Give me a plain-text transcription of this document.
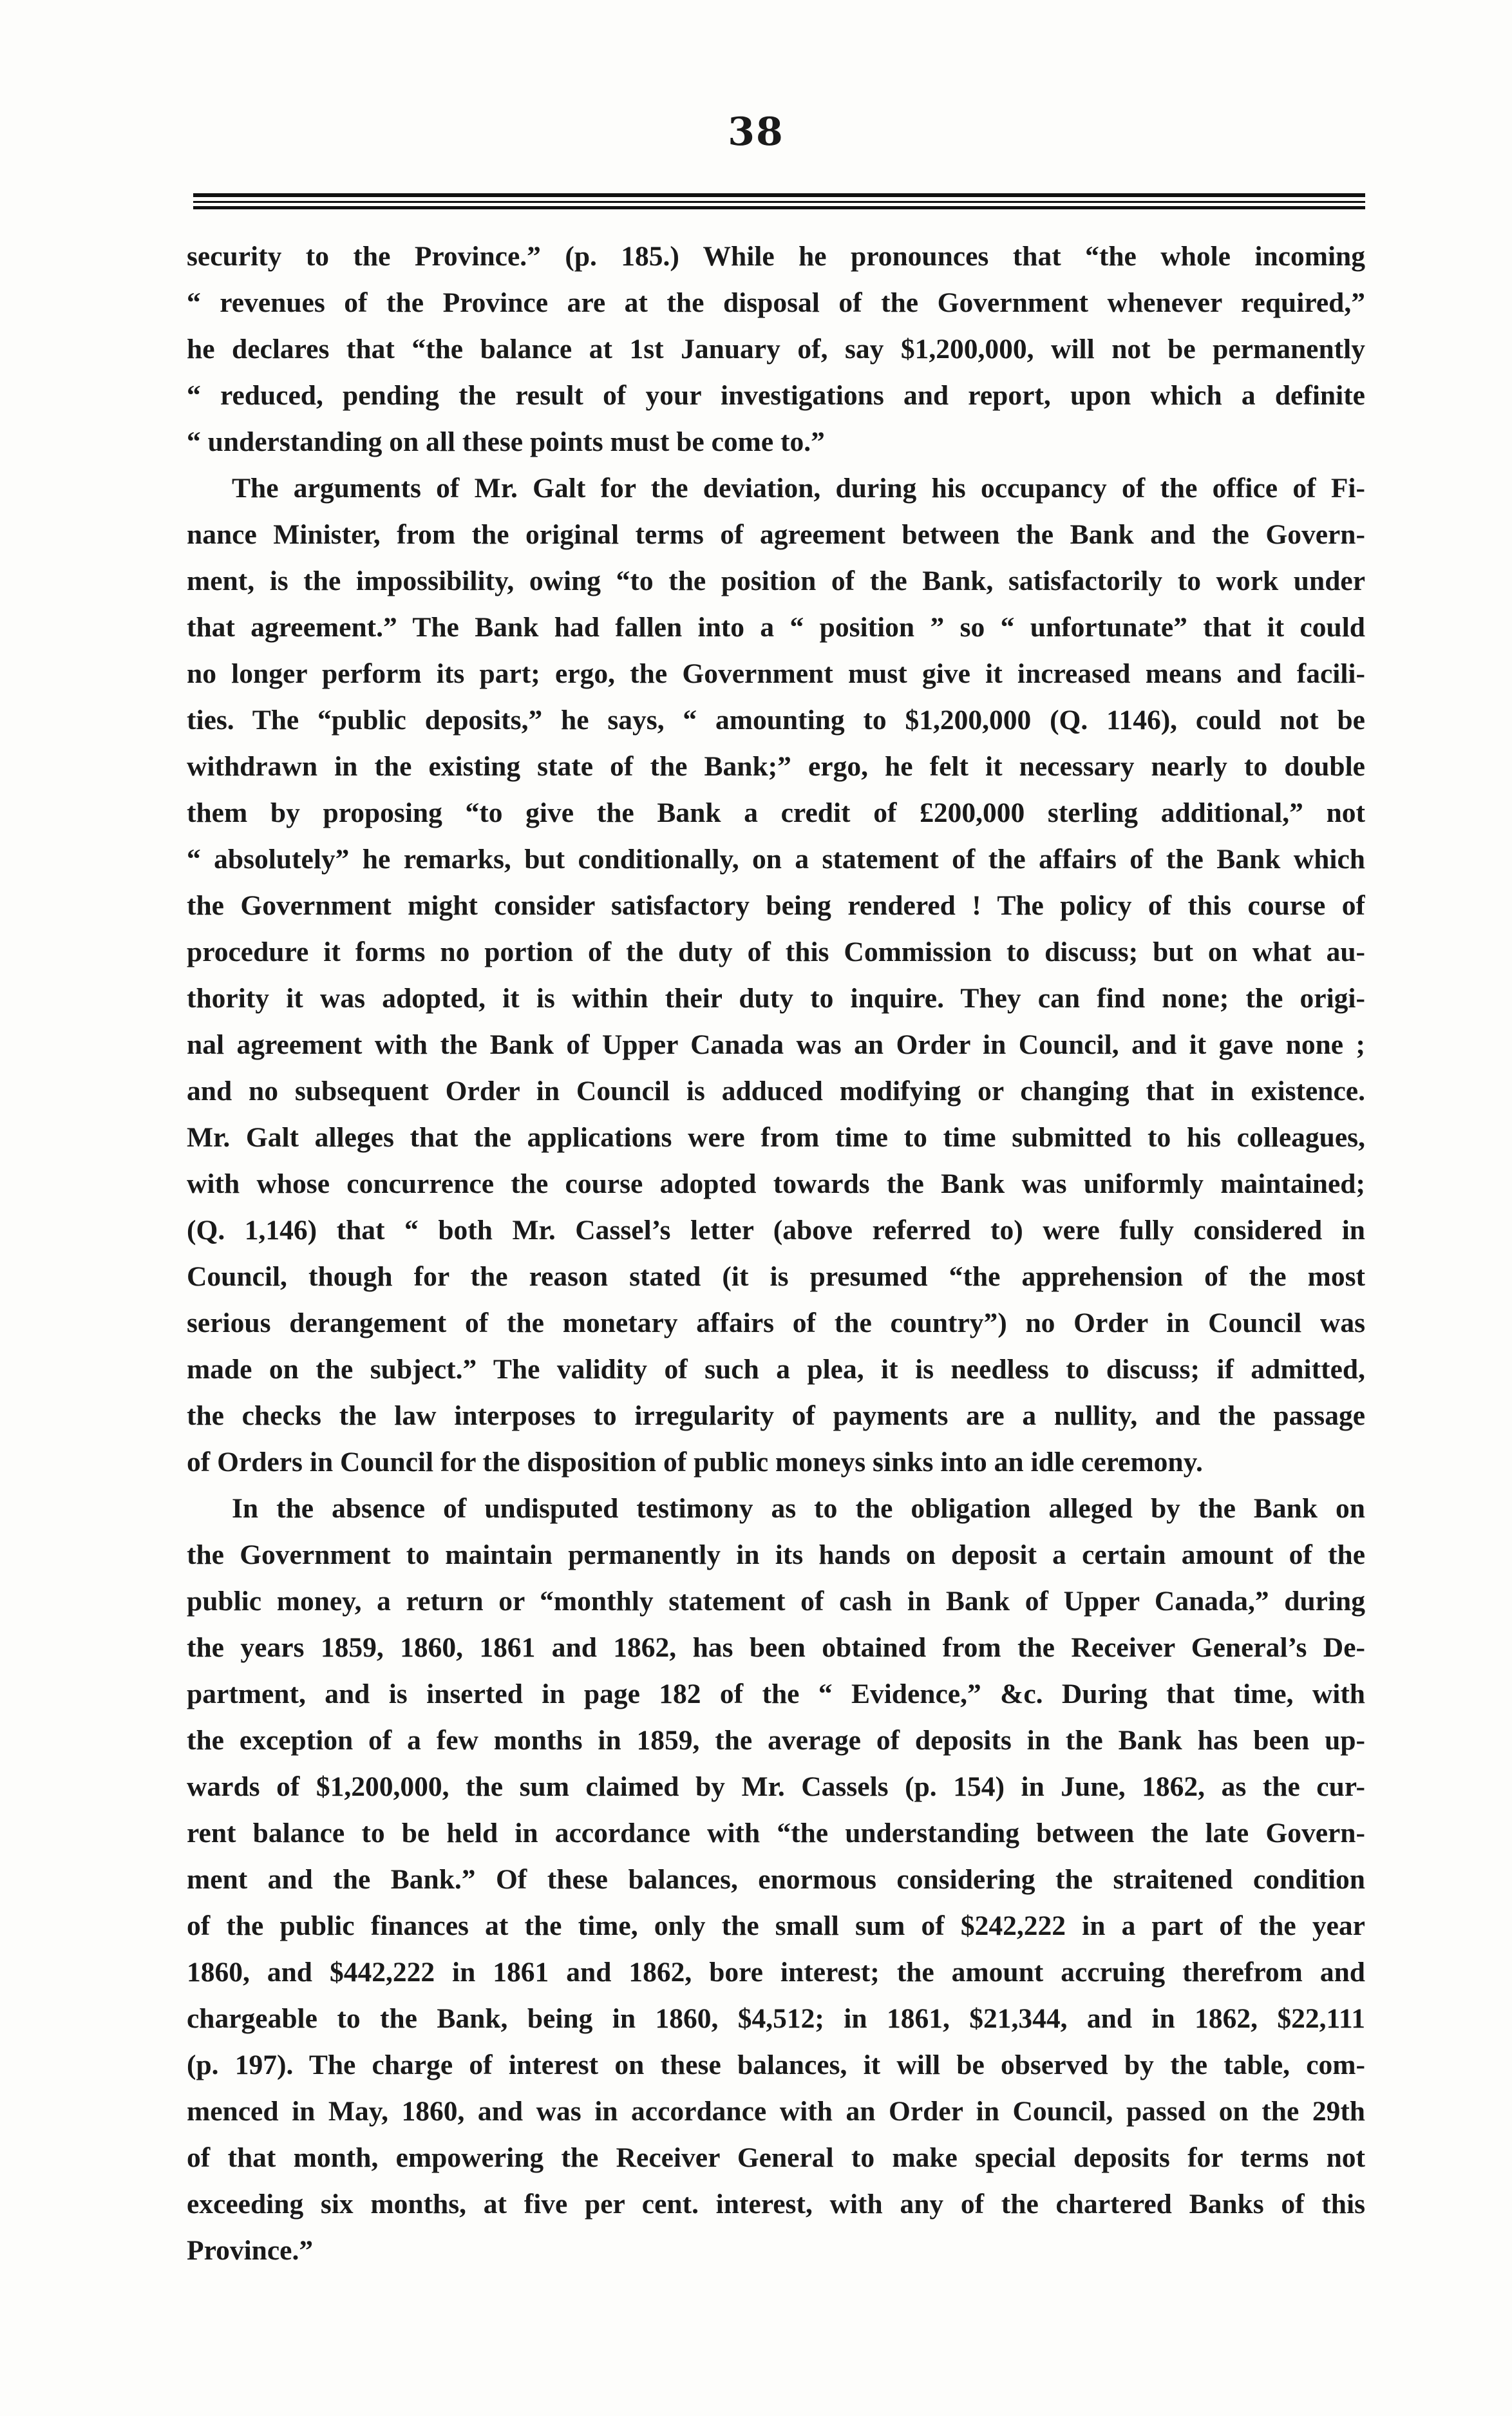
38
security to the Province.” (p. 185.) While he pronounces that “the whole incoming
“ revenues of the Province are at the disposal of the Government whenever required,”
he declares that “the balance at 1st January of, say $1,200,000, will not be permanently
“ reduced, pending the result of your investigations and report, upon which a definite
“ understanding on all these points must be come to.”
The arguments of Mr. Galt for the deviation, during his occupancy of the office of Fi-
nance Minister, from the original terms of agreement between the Bank and the Govern-
ment, is the impossibility, owing “to the position of the Bank, satisfactorily to work under
that agreement.” The Bank had fallen into a “ position ” so “ unfortunate” that it could
no longer perform its part; ergo, the Government must give it increased means and facili-
ties. The “public deposits,” he says, “ amounting to $1,200,000 (Q. 1146), could not be
withdrawn in the existing state of the Bank;” ergo, he felt it necessary nearly to double
them by proposing “to give the Bank a credit of £200,000 sterling additional,” not
“ absolutely” he remarks, but conditionally, on a statement of the affairs of the Bank which
the Government might consider satisfactory being rendered ! The policy of this course of
procedure it forms no portion of the duty of this Commission to discuss; but on what au-
thority it was adopted, it is within their duty to inquire. They can find none; the origi-
nal agreement with the Bank of Upper Canada was an Order in Council, and it gave none ;
and no subsequent Order in Council is adduced modifying or changing that in existence.
Mr. Galt alleges that the applications were from time to time submitted to his colleagues,
with whose concurrence the course adopted towards the Bank was uniformly maintained;
(Q. 1,146) that “ both Mr. Cassel’s letter (above referred to) were fully considered in
Council, though for the reason stated (it is presumed “the apprehension of the most
serious derangement of the monetary affairs of the country”) no Order in Council was
made on the subject.” The validity of such a plea, it is needless to discuss; if admitted,
the checks the law interposes to irregularity of payments are a nullity, and the passage
of Orders in Council for the disposition of public moneys sinks into an idle ceremony.
In the absence of undisputed testimony as to the obligation alleged by the Bank on
the Government to maintain permanently in its hands on deposit a certain amount of the
public money, a return or “monthly statement of cash in Bank of Upper Canada,” during
the years 1859, 1860, 1861 and 1862, has been obtained from the Receiver General’s De-
partment, and is inserted in page 182 of the “ Evidence,” &c. During that time, with
the exception of a few months in 1859, the average of deposits in the Bank has been up-
wards of $1,200,000, the sum claimed by Mr. Cassels (p. 154) in June, 1862, as the cur-
rent balance to be held in accordance with “the understanding between the late Govern-
ment and the Bank.” Of these balances, enormous considering the straitened condition
of the public finances at the time, only the small sum of $242,222 in a part of the year
1860, and $442,222 in 1861 and 1862, bore interest; the amount accruing therefrom and
chargeable to the Bank, being in 1860, $4,512; in 1861, $21,344, and in 1862, $22,111
(p. 197). The charge of interest on these balances, it will be observed by the table, com-
menced in May, 1860, and was in accordance with an Order in Council, passed on the 29th
of that month, empowering the Receiver General to make special deposits for terms not
exceeding six months, at five per cent. interest, with any of the chartered Banks of this
Province.”
